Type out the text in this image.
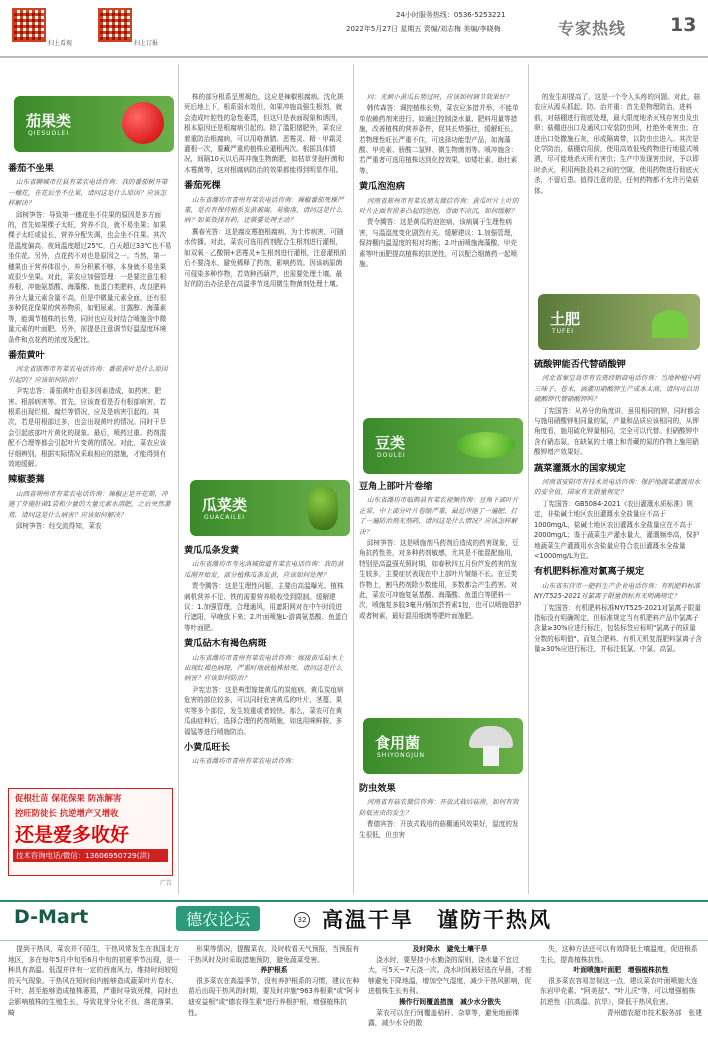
扫上看视	扫上订报
24小时服务热线：0536-5253221
2022年5月27日 星期五 责编/刘志梅 美编/李晓梅	专家热线 13
茄果类
QIESUOLEI
番茄不坐果

山东省聊城市茌县有菜农电话咨询：我的番茄树开第一穗花，在花后坐不住果，请问这是什么原因？应该怎样解决？

邱树笋答：导致第一穗花坐不住果的原因是多方面的，首先如果棵子太旺，营养不良，就不易坐果；如果棵子太旺或徒长，营养分配失调，也会坐不住果。其次是温度偏高，夜间温度超过25℃，白天超过33℃也不易坐住花。另外，点花药不对也是原因之一。当然，第一穗果由于营养体很小，养分积累不够，本身就不易坐果或很少坐果。对此，菜农应加强管理：一是要注意生根养根，冲施氨基酸、海藻酸、鱼蛋白类肥料，改良肥料养分大量元素含量不高，但是中微量元素全面，还有很多种促花保果的营养物质，如钼尿素、甘露醇、海藻素等，能调节植株的长势，同时也应及时结合喷施含中微量元素的叶面肥。另外，前提是注意调节好温湿度环境条件和点花药的浓度及配比。

番茄黄叶

河北省邯郸市有菜农电话咨询：番茄黄叶是什么原因引起的？应该如何防治？

尹宪忠答：番茄黄叶由很多因素造成，如药害、肥害、根部病害等。首先，应该查看是否有根部病害，若根系出现烂根、腐烂等情况，应及是病害引起的。其次，若是用根部过多，也会出现黄叶的情况。同时干旱会引起底部叶片黄化的现象。最后，喷药过重、药剂混配不合理等都会引起叶片变黄的情况。对此，菜农应该仔细辨别，根据实际情况采取相应的措施，才能得到有效地缓解。

辣椒萎蔫

山西省朔州市有菜农电话咨询：辣椒正是开花期，冲施了芽施肝菌1袋和少量的大量元素水溶肥，之后突然萎蔫，请问这是什么病害？应该如何解决？

邱树笋答：经交流得知，菜农

促根壮苗 保花保果 防冻解害
控旺防徒长 抗逆增产又增收
还是爱多收好
技术咨询电话/微信：13606950729(洪)
广告

株的部分根系呈黑褐色，这应是辣椒根腐病。沈化斑死后地上下，根系弱水效但，如果冲施高强生根剂，就会造成叶腔性的急性萎蔫，但这只是表面现象和诱因，根本原因还是根腐病引起的。除了滥阳猪肥外，菜农应着重防治根腐病，可以用咯菌腈、恶霉灵、精 · 甲霜灵灌根一次，要藏严重的植株应灌根两次。根据具体情况，间隔10天以后再冲施生物菌肥，如枯草芽孢杆菌和木霉菌等，这对根腐病防治的效果都能得到明显作用。

番茄死棵

山东省潍坊市青州有菜农电话咨询：辣椒番茄死棵严重，是否有保持根系发黄被腐，易腹落，请问这是什么病？如果效择有药，还需要处理主动？

冀春光答：这是腐皮霉抱根腐病，为土传病害，可随水传播。对此，菜农可选用药剂配合生根剂进行灌根，如双氧 · 乙酸铜+恶霉灵+生根剂进行灌根，注意灌根前后不要浇水，避免稀释了药剂，影响药效。因该病原菌可侵染多种作物，若效种西葫芦，也需要处理土壤。最好的防治办法是在高温季节选用微生物菌剂处理土壤。

瓜菜类
GUACAILEI
黄瓜瓜条发黄

山东省潍坊市寿光洛城街道有菜农电话咨询：我的黄瓜刚开始发，部分植株瓜条发黄，应该如何处理？

贾令腾答：这是生理性问题，主要由高温曝光、植株刺机营养不足、铁的需要营养吸收受到限制。缓解建议：1.加强管理，合理通风，用遮阳网对在中午时段进行遮阳，早晚放下来；2.叶面喷施L-游离氨基酸、鱼蛋白等叶面肥。

黄瓜砧木有褐色病斑

山东省潍坊市青州有菜农电话咨询：嫁接黄瓜砧木上出现红褐色病斑，严重时地底植株枯死，请问这是什么病害？应该如何防治？

尹宪忠答：这是典型嫁接黄瓜的炭疽病，黄瓜炭疽病危害的部位较多，可以同时危害黄瓜的叶片、茎蔓、果实等多个部位，发生较重或者较快。那么，菜农可在黄瓜曲症种后，选择合理的药剂喷施，如选用咪鲜胺、多福锰等进行喷施防治。

小黄瓜旺长

山东省潍坊市青州有菜农电话咨询：

问：无刺小黄瓜长势过旺，应该如何调节效果好？

韩传森答：调控植株长势，菜农应多措并举，不能单单依赖药剂来进行。如通过控制浇水量、肥料用量等措施，改善植株的营养条件，促其长势强壮，缓解旺长。若物理性旺长严重不住，可选择功能型产品，如海藻酸、甲壳素、骄酸二氢钾、微生物菌剂等。喷冲施含：若严重者可选用植株达到化控效果，如矮壮素、助壮素等。

黄瓜泡泡病

河南省郑州市有菜农朋友微信咨询：黄瓜叶片上叶的叶片正面有很多凸起的泡泡，背面不凉沉，如何缓解？

贾令腾答：这是黄瓜的泡泡病，该病属于生理性病害，与温湿度变化剧烈有关。缓解建议：1.加强管理，保持棚内温湿度的相对均衡；2.叶面喷施海藻酸、甲壳素等叶面肥提高植株的抗逆性，可以配合细菌药一起喷施。

豆类
DOULEI
豆角上部叶片卷缩

山东省潍坊市临朐县有菜农视频咨询：豆角下部叶片正常，中上部分叶片卷缩严重，最近冲施了一遍肥，打了一遍防治剂无剂药，请问这是什么情况？应该怎样解决？

邱树笋答：这是喷施剂马药剂后造成的药害现象，豆角抗药性差，对多种药剂敏感，尤其是不能混配施用，特别是高温强光照时期，如春秋四五月份芦发药害的发生较多，主要症状表现在中上部叶片皱缩不长。在豆类作物上，割马药剂除少数能用，多数都会产生药害。对此，菜农可冲施复氨基酸、海藻酸、鱼蛋白等肥料一次，喷施复多胶3毫升/桶加芸苔素1包，也可以喷施碧护或者树素，最好混用细菌等肥叶面施肥。

食用菌
SHIYONGJUN
防虫效果

河南省有菇农微信咨询：开放式栽培菇房，如何有效防低害虫的发生？

曹德宾答：开放式栽培的菇棚通风效果好，湿度的发生很低，但虫害

的发生却提高了，这是一个令人头疼的问题。对此，菇农应从源头抓起，防、治并重：首先是物理防治，进料前，对菇棚进行彻底处理，最大限度地杀灭残存害虫及虫卵；菇棚进出口及通风口安装防虫网，杜绝外来害虫；在进出口处撒施石灰，形成隔离带，以防虫虫进入。其次是化学防治，菇棚启用前，使用高效低残药物进行地毯式喷洒，尽可能地杀灭所有害虫；生产中发现害虫时，予以即时杀灭，利用两批投料之间的空隙，使用药物进行彻底灭杀，不留后患。值得注意的是，任何药物都不允许污染菇体。

土肥
TUFEI
硫酸钾能否代替硝酸钾

河北省秦皇岛市有农资经销商电话咨询：当地种植中药三味子、苍术，滴灌用硝酸钾生产成本太高，请问可以用硫酸钾代替硝酸钾吗？

丁宪国答：从养分的角度讲，虽用相同的钾，同时都会与施用硝酸钾相同量的氮，产量和品质应该相同的，从钾角度看，施用硫化钾量相同，完全可以代替。但硝酸钾中含有硝态氮，在缺氮的土壤上和青藏的氮的作物上施用硝酸钾增产效果好。

蔬菜灌溉水的国家规定

河南省安阳市有技术员电话咨询：保护地蔬菜灌溉用水的安全值，国家有无限量规定？

丁宪国答：GB5084-2021《农田灌溉水质标准》规定，非盐碱土地区农田灌溉水全盐量应不高于1000mg/L，盐碱土地区农田灌溉水全盐量应在不高于2000mg/L；鉴于蔬菜生产灌水量大，灌溉频率高，保护地蔬菜生产灌溉用水含盐量应符合农田灌溉水全盐量<1000mg/L为宜。

有机肥料标准对氯离子规定

山东省东营市一肥料生产企业电话咨询：有机肥料标准NY/T525-2021对氯离子限量指标有无明确规定？

丁宪国答：有机肥料标准NY/T525-2021对氯离子限量指标没有明确规定，但标准规定当有机肥料产品中氯离子含量≥30%应进行标注，包装标签应标明"氯离子的质量分数的标明值"。而复合肥料、有机无机复混肥料氯离子含量≥30%应进行标注，并标注低氯、中氯、高氯。

D-Mart	德农论坛	32 高温干旱　谨防干热风

提到干热风，菜农并不陌生，干热风常发生在我国北方地区，多在每年5月中旬至6月中旬的初夏季节出现，是一种具有高温、低湿并伴有一定的西南风力，维持时间较短的天气现象。干热风在短时间内能够造成蔬菜叶片卷水、干叶，甚至能够造成植株萎蔫，严重时导致死棵，同时也会影响植株的生殖生长，导致花芽分化不良、落花落果、畸

形果等情况，提醒菜农，及时收看天气预报，当预报有干热风时及时采取措施预防，避免蔬菜受害。

养护根系

很多菜农在高温季节，没有养护根系的习惯，建议在种苗后出现干热风的时期，要及时冲施"963养根素"或"阿卡迪安益根"或"德农得生素"进行养根护根，增强植株抗性。

及时降水　避免土壤干旱

浇水时，要坚持小水勤浇的原则，浇水量不宜过大，可5天~7天浇一次。浇水时间最好选在早晨，才能够避免下降地温，增加空气湿度，减少干热风影响，促进植株生长有利。

操作行间覆盖措施　减少水分散失

菜农可以在行间覆盖秸秆、杂草等，避免地面裸露，减少水分的散

失，这种方法还可以有效降低土壤温度，促进根系生长，提高植株抗性。

叶面喷施叶面肥　增强植株抗性

很多菜农容易忽视这一点，建议菜农叶面喷施大连东岩甲壳素、"阿美兹"、"叶儿沃"等，可以增强植株抗逆性（抗高温、抗旱），降低干热风危害。

青州德农超市技术服务部　张建
